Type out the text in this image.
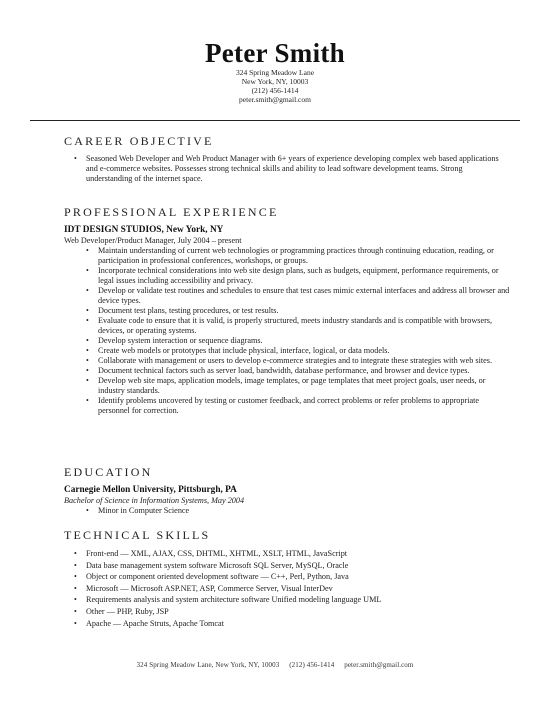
Peter Smith
324 Spring Meadow Lane
New York, NY, 10003
(212) 456-1414
peter.smith@gmail.com
CAREER OBJECTIVE
• Seasoned Web Developer and Web Product Manager with 6+ years of experience developing complex web based applications and e-commerce websites. Possesses strong technical skills and ability to lead software development teams. Strong understanding of the internet space.
PROFESSIONAL EXPERIENCE
IDT DESIGN STUDIOS, New York, NY
Web Developer/Product Manager, July 2004 – present
• Maintain understanding of current web technologies or programming practices through continuing education, reading, or participation in professional conferences, workshops, or groups.
• Incorporate technical considerations into web site design plans, such as budgets, equipment, performance requirements, or legal issues including accessibility and privacy.
• Develop or validate test routines and schedules to ensure that test cases mimic external interfaces and address all browser and device types.
• Document test plans, testing procedures, or test results.
• Evaluate code to ensure that it is valid, is properly structured, meets industry standards and is compatible with browsers, devices, or operating systems.
• Develop system interaction or sequence diagrams.
• Create web models or prototypes that include physical, interface, logical, or data models.
• Collaborate with management or users to develop e-commerce strategies and to integrate these strategies with web sites.
• Document technical factors such as server load, bandwidth, database performance, and browser and device types.
• Develop web site maps, application models, image templates, or page templates that meet project goals, user needs, or industry standards.
• Identify problems uncovered by testing or customer feedback, and correct problems or refer problems to appropriate personnel for correction.
EDUCATION
Carnegie Mellon University, Pittsburgh, PA
Bachelor of Science in Information Systems, May 2004
• Minor in Computer Science
TECHNICAL SKILLS
• Front-end — XML, AJAX, CSS, DHTML, XHTML, XSLT, HTML, JavaScript
• Data base management system software Microsoft SQL Server, MySQL, Oracle
• Object or component oriented development software — C++, Perl, Python, Java
• Microsoft — Microsoft ASP.NET, ASP, Commerce Server, Visual InterDev
• Requirements analysis and system architecture software Unified modeling language UML
• Other — PHP, Ruby, JSP
• Apache — Apache Struts, Apache Tomcat
324 Spring Meadow Lane, New York, NY, 10003 (212) 456-1414 peter.smith@gmail.com
